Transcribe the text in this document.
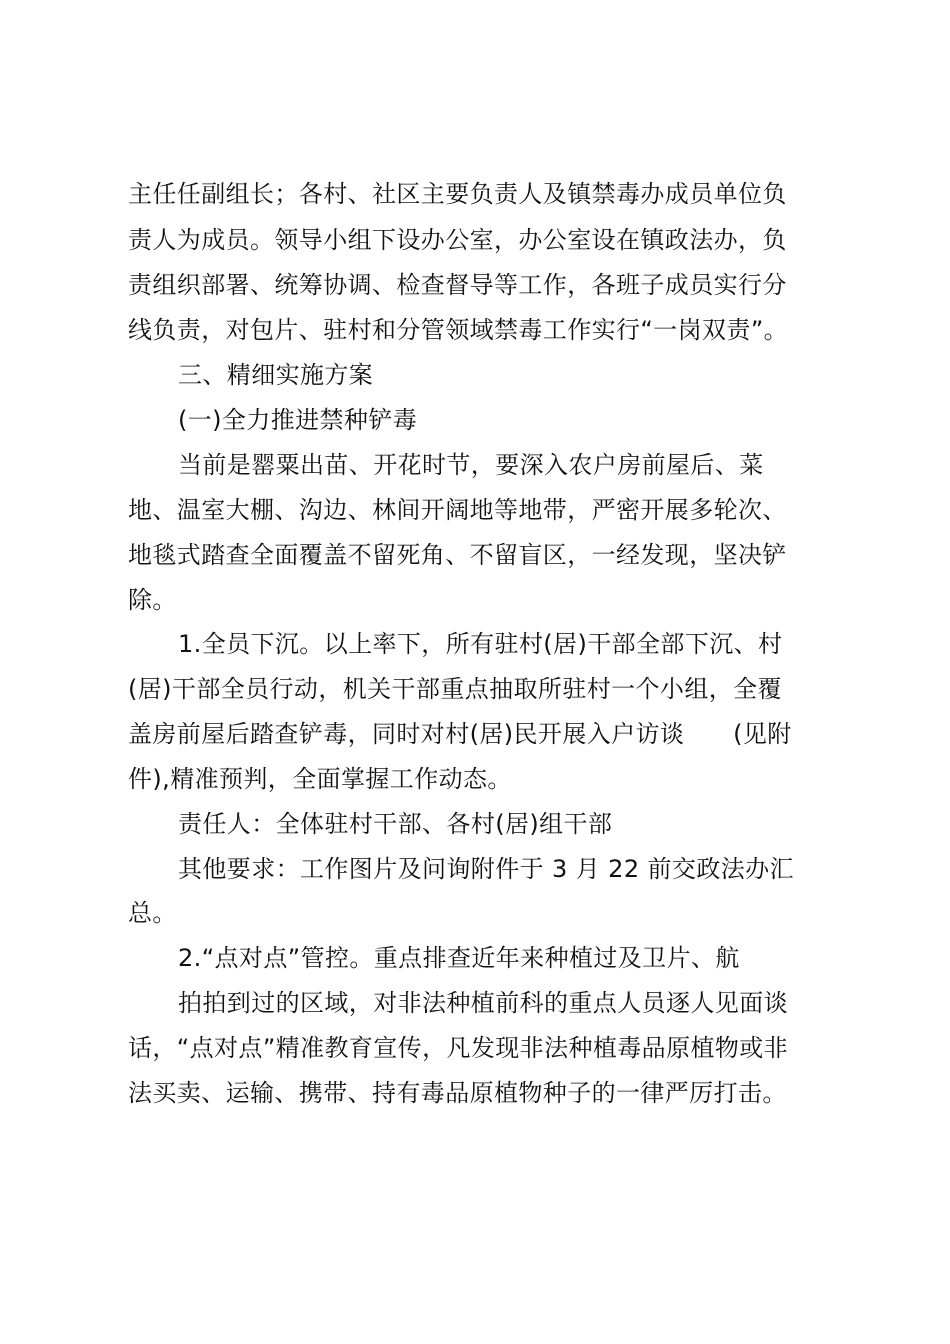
主任任副组长；各村、社区主要负责人及镇禁毒办成员单位负
责人为成员。领导小组下设办公室，办公室设在镇政法办，负
责组织部署、统筹协调、检查督导等工作，各班子成员实行分
线负责，对包片、驻村和分管领域禁毒工作实行“一岗双责”。
三、精细实施方案
(一)全力推进禁种铲毒
当前是罂粟出苗、开花时节，要深入农户房前屋后、菜
地、温室大棚、沟边、林间开阔地等地带，严密开展多轮次、
地毯式踏查全面覆盖不留死角、不留盲区，一经发现，坚决铲
除。
1.全员下沉。以上率下，所有驻村(居)干部全部下沉、村
(居)干部全员行动，机关干部重点抽取所驻村一个小组，全覆
盖房前屋后踏查铲毒，同时对村(居)民开展入户访谈　　(见附
件),精准预判，全面掌握工作动态。
责任人：全体驻村干部、各村(居)组干部
其他要求：工作图片及问询附件于 3 月 22 前交政法办汇
总。
2.“点对点”管控。重点排查近年来种植过及卫片、航
拍拍到过的区域，对非法种植前科的重点人员逐人见面谈
话，“点对点”精准教育宣传，凡发现非法种植毒品原植物或非
法买卖、运输、携带、持有毒品原植物种子的一律严厉打击。
